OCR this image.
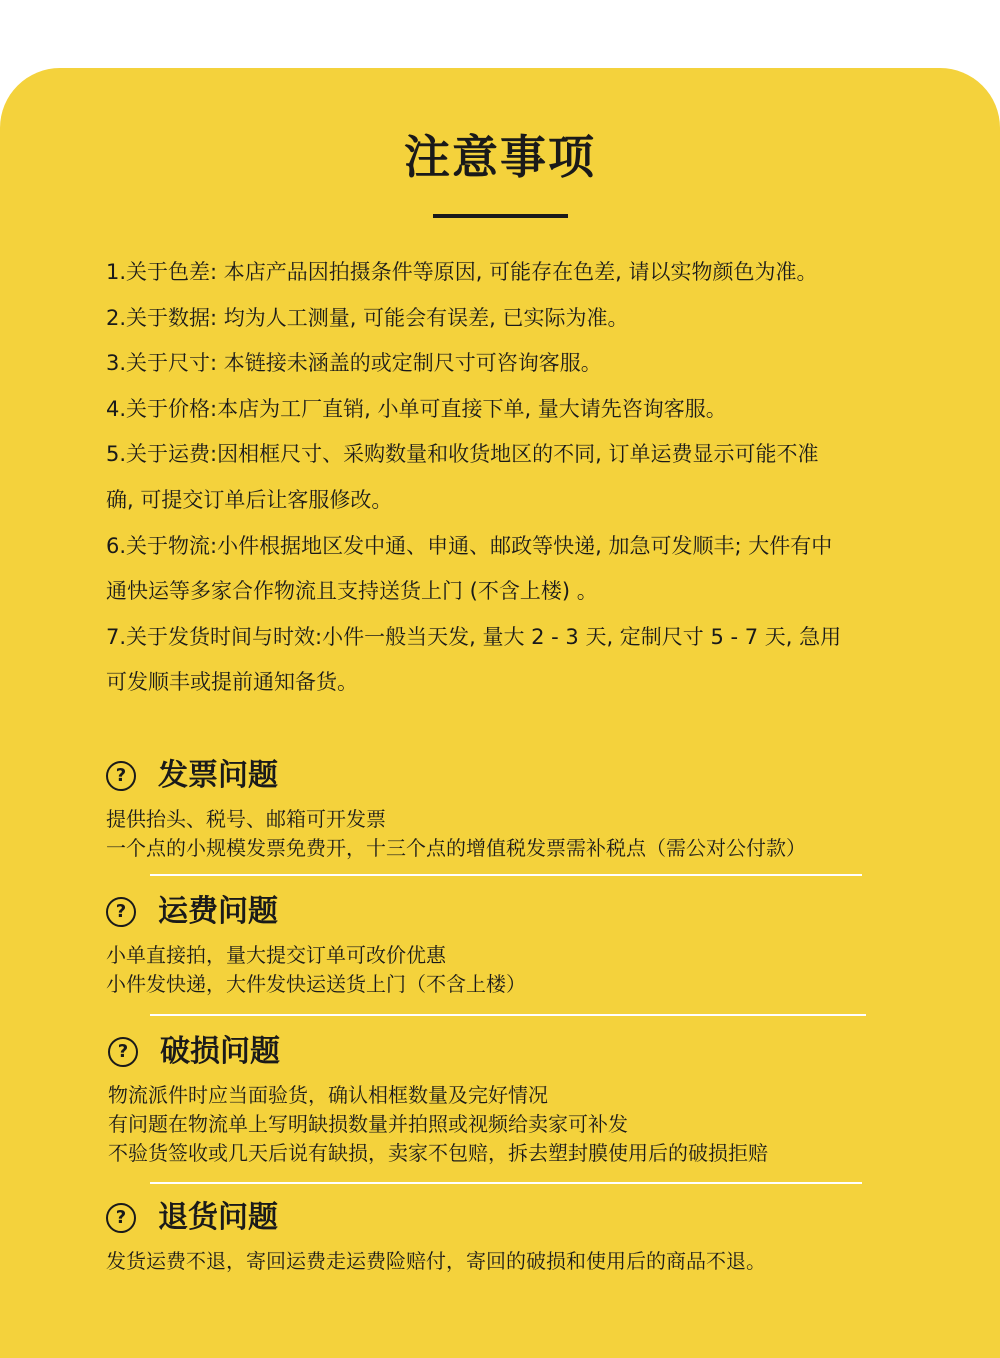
注意事项

1.关于色差: 本店产品因拍摄条件等原因, 可能存在色差, 请以实物颜色为准。

2.关于数据: 均为人工测量, 可能会有误差, 已实际为准。

3.关于尺寸: 本链接未涵盖的或定制尺寸可咨询客服。

4.关于价格:本店为工厂直销, 小单可直接下单, 量大请先咨询客服。

5.关于运费:因相框尺寸、采购数量和收货地区的不同, 订单运费显示可能不准

确, 可提交订单后让客服修改。

6.关于物流:小件根据地区发中通、申通、邮政等快递, 加急可发顺丰; 大件有中

通快运等多家合作物流且支持送货上门 (不含上楼) 。

7.关于发货时间与时效:小件一般当天发, 量大 2 - 3 天, 定制尺寸 5 - 7 天, 急用

可发顺丰或提前通知备货。

?	发票问题

提供抬头、税号、邮箱可开发票

一个点的小规模发票免费开，十三个点的增值税发票需补税点（需公对公付款）

?	运费问题

小单直接拍，量大提交订单可改价优惠

小件发快递，大件发快运送货上门（不含上楼）

?	破损问题

物流派件时应当面验货，确认相框数量及完好情况

有问题在物流单上写明缺损数量并拍照或视频给卖家可补发

不验货签收或几天后说有缺损，卖家不包赔，拆去塑封膜使用后的破损拒赔

?	退货问题

发货运费不退，寄回运费走运费险赔付，寄回的破损和使用后的商品不退。
